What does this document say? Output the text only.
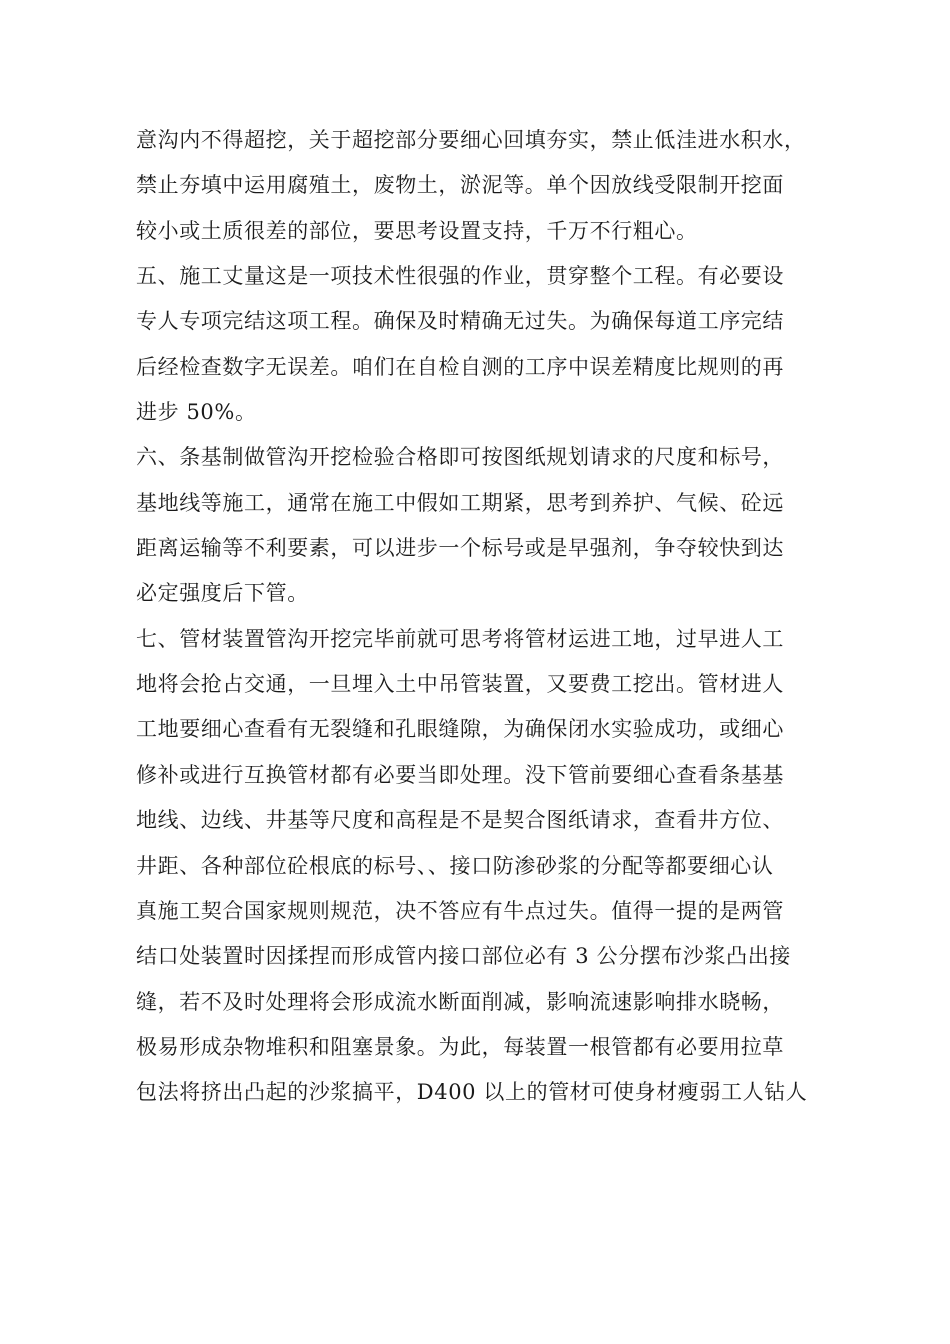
意沟内不得超挖，关于超挖部分要细心回填夯实，禁止低洼进水积水，
禁止夯填中运用腐殖土，废物土，淤泥等。单个因放线受限制开挖面
较小或土质很差的部位，要思考设置支持，千万不行粗心。
五、施工丈量这是一项技术性很强的作业，贯穿整个工程。有必要设
专人专项完结这项工程。确保及时精确无过失。为确保每道工序完结
后经检查数字无误差。咱们在自检自测的工序中误差精度比规则的再
进步 50%。
六、条基制做管沟开挖检验合格即可按图纸规划请求的尺度和标号，
基地线等施工，通常在施工中假如工期紧，思考到养护、气候、砼远
距离运输等不利要素，可以进步一个标号或是早强剂，争夺较快到达
必定强度后下管。
七、管材装置管沟开挖完毕前就可思考将管材运进工地，过早进人工
地将会抢占交通，一旦埋入土中吊管装置，又要费工挖出。管材进人
工地要细心查看有无裂缝和孔眼缝隙，为确保闭水实验成功，或细心
修补或进行互换管材都有必要当即处理。没下管前要细心查看条基基
地线、边线、井基等尺度和高程是不是契合图纸请求，查看井方位、
井距、各种部位砼根底的标号、、接口防渗砂浆的分配等都要细心认
真施工契合国家规则规范，决不答应有牛点过失。值得一提的是两管
结口处装置时因揉捏而形成管内接口部位必有 3 公分摆布沙浆凸出接
缝，若不及时处理将会形成流水断面削减，影响流速影响排水晓畅，
极易形成杂物堆积和阻塞景象。为此，每装置一根管都有必要用拉草
包法将挤出凸起的沙浆搞平，D400 以上的管材可使身材瘦弱工人钻人
